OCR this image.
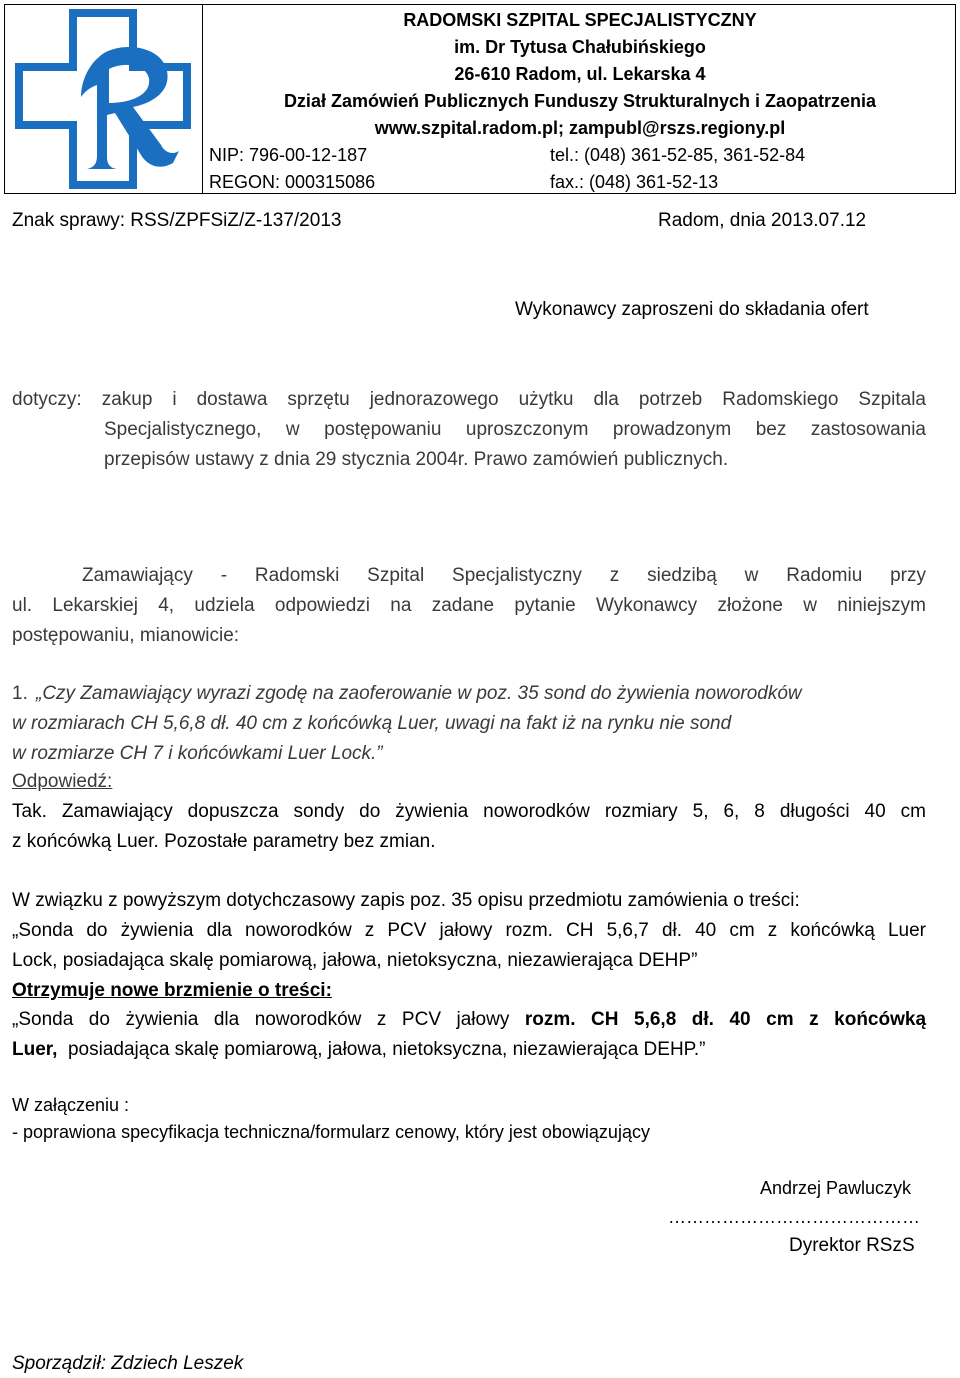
RADOMSKI SZPITAL SPECJALISTYCZNY
im. Dr Tytusa Chałubińskiego
26-610 Radom, ul. Lekarska 4
Dział Zamówień Publicznych Funduszy Strukturalnych i Zaopatrzenia
www.szpital.radom.pl; zampubl@rszs.regiony.pl
NIP: 796-00-12-187
REGON: 000315086
tel.: (048) 361-52-85, 361-52-84
fax.: (048) 361-52-13
Znak sprawy: RSS/ZPFSiZ/Z-137/2013	Radom, dnia 2013.07.12
Wykonawcy zaproszeni do składania ofert
dotyczy: zakup i dostawa sprzętu jednorazowego użytku dla potrzeb Radomskiego Szpitala
Specjalistycznego, w postępowaniu uproszczonym prowadzonym bez zastosowania
przepisów ustawy z dnia 29 stycznia 2004r. Prawo zamówień publicznych.
Zamawiający - Radomski Szpital Specjalistyczny z siedzibą w Radomiu przy
ul. Lekarskiej 4, udziela odpowiedzi na zadane pytanie Wykonawcy złożone w niniejszym
postępowaniu, mianowicie:
1. „Czy Zamawiający wyrazi zgodę na zaoferowanie w poz. 35 sond do żywienia noworodków
w rozmiarach CH 5,6,8 dł. 40 cm z końcówką Luer, uwagi na fakt iż na rynku nie sond
w rozmiarze CH 7 i końcówkami Luer Lock.”
Odpowiedź:
Tak. Zamawiający dopuszcza sondy do żywienia noworodków rozmiary 5, 6, 8 długości 40 cm
z końcówką Luer. Pozostałe parametry bez zmian.
W związku z powyższym dotychczasowy zapis poz. 35 opisu przedmiotu zamówienia o treści:
„Sonda do żywienia dla noworodków z PCV jałowy rozm. CH 5,6,7 dł. 40 cm z końcówką Luer
Lock, posiadająca skalę pomiarową, jałowa, nietoksyczna, niezawierająca DEHP”
Otrzymuje nowe brzmienie o treści:
„Sonda do żywienia dla noworodków z PCV jałowy rozm. CH 5,6,8 dł. 40 cm z końcówką
Luer, posiadająca skalę pomiarową, jałowa, nietoksyczna, niezawierająca DEHP.”
W załączeniu :
- poprawiona specyfikacja techniczna/formularz cenowy, który jest obowiązujący
Andrzej Pawluczyk
……………………………………
Dyrektor RSzS
Sporządził: Zdziech Leszek
